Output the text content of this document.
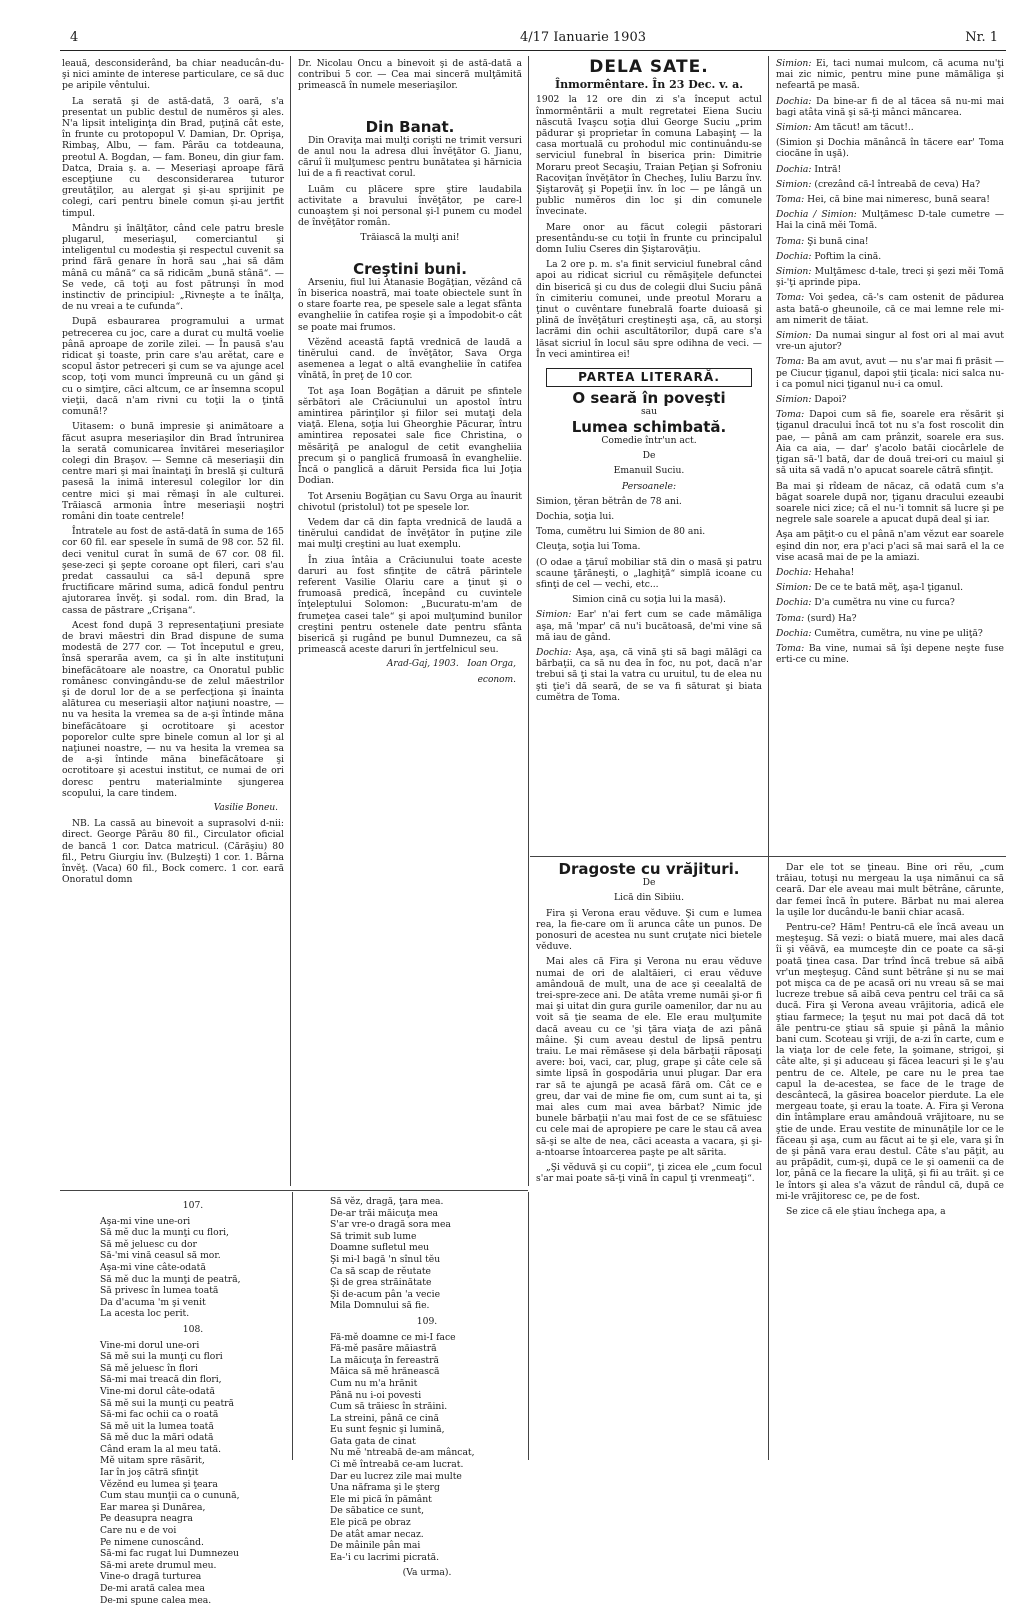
4	4/17 Ianuarie 1903	Nr. 1

leauă, desconsiderând, ba chiar neaducân-du-şi nici aminte de interese particulare, ce să duc pe aripile vêntului.

La serată şi de astă-dată, 3 oară, s'a presentat un public destul de numĕros şi ales. N'a lipsit inteliginţa din Brad, puţină cât este, în frunte cu protopopul V. Damian, Dr. Oprişa, Rimbaş, Albu, — fam. Pârău ca totdeauna, preotul A. Bogdan, — fam. Boneu, din giur fam. Datca, Draia ş. a. — Meseriaşi aproape fără escepţiune cu desconsiderarea tuturor greutăţilor, au alergat şi şi-au sprijinit pe colegi, cari pentru binele comun şi-au jertfit timpul.

Mândru şi înălţător, când cele patru bresle plugarul, meseriaşul, comerciantul şi inteligentul cu modestia şi respectul cuvenit sa prind fără genare în horă sau „hai să dăm mână cu mână“ ca să ridicăm „bună stână“. — Se vede, că toţi au fost pătrunşi în mod instinctiv de principiul: „Rivneşte a te înălţa, de nu vreai a te cufunda“.

După esbaurarea programului a urmat petrecerea cu joc, care a durat cu multă voelie până aproape de zorile zilei. — În pausă s'au ridicat şi toaste, prin care s'au arĕtat, care e scopul ăstor petreceri şi cum se va ajunge acel scop, toţi vom munci împreună cu un gând şi cu o simţire, căci altcum, ce ar însemna scopul vieţii, dacă n'am rivni cu toţii la o ţintă comună!?

Uitasem: o bună impresie şi animătoare a făcut asupra meseriaşilor din Brad întrunirea la serată comunicarea învitărei meseriaşilor colegi din Braşov. — Semne că meseriaşii din centre mari şi mai înaintaţi în breslă şi cultură pasesă la inimă interesul colegilor lor din centre mici şi mai rĕmaşi în ale culturei. Trăiască armonia între meseriaşii noştri români din toate centrele!

Întratele au fost de astă-dată în suma de 165 cor 60 fil. ear spesele în sumă de 98 cor. 52 fil. deci venitul curat în sumă de 67 cor. 08 fil. şese-zeci şi şepte coroane opt fileri, cari s'au predat cassaului ca să-l depună spre fructificare mărind suma, adică fondul pentru ajutorarea învĕţ. şi sodal. rom. din Brad, la cassa de păstrare „Crişana“.

Acest fond după 3 representaţiuni presiate de bravi măestri din Brad dispune de suma modestă de 277 cor. — Tot începutul e greu, însă sperarăa avem, ca şi în alte instituţuni binefăcătoare ale noastre, ca Onoratul public românesc convingându-se de zelul măestrilor şi de dorul lor de a se perfecţiona şi înainta alăturea cu meseriaşii altor naţiuni noastre, — nu va hesita la vremea sa de a-şi întinde măna binefăcătoare şi ocrotitoare şi acestor poporelor culte spre binele comun al lor şi al naţiunei noastre, — nu va hesita la vremea sa de a-şi întinde măna binefăcătoare şi ocrotitoare şi acestui institut, ce numai de ori doresc pentru materialminte sjungerea scopului, la care tindem.

Vasilie Boneu.

NB. La cassă au binevoit a suprasolvi d-nii: direct. George Pârău 80 fil., Circulator oficial de bancă 1 cor. Datca matricul. (Cărăşiu) 80 fil., Petru Giurgiu înv. (Bulzeşti) 1 cor. 1. Bârna învĕţ. (Vaca) 60 fil., Bock comerc. 1 cor. eară Onoratul domn

Dr. Nicolau Oncu a binevoit şi de astă-dată a contribui 5 cor. — Cea mai sinceră mulţămită primească în numele meseriaşilor.

Din Banat.

Din Oraviţa mai mulţi corişti ne trimit versuri de anul nou la adresa dlui învĕţător G. Jianu, căruî îi mulţumesc pentru bunătatea şi hărnicia lui de a fi reactivat corul.

Luăm cu plăcere spre ştire laudabila activitate a bravului învĕţător, pe care-l cunoaştem şi noi personal şi-l punem cu model de învĕţător român.

Trăiască la mulţi ani!

Creştini buni.

Arseniu, fiul lui Atanasie Bogăţian, vĕzând că în biserica noastră, mai toate obiectele sunt în o stare foarte rea, pe spesele sale a legat sfânta evangheliie în catifea roşie şi a împodobit-o cât se poate mai frumos.

Vĕzĕnd această faptă vrednică de laudă a tinĕrului cand. de învĕţător, Sava Orga asemenea a legat o altă evangheliie în catifea vînătă, în preţ de 10 cor.

Tot aşa Ioan Bogăţian a dăruit pe sfintele sĕrbători ale Crăciunului un apostol întru amintirea părinţilor şi fiilor sei mutaţi dela viaţă. Elena, soţia lui Gheorghie Păcurar, întru amintirea reposatei sale fice Christina, o mĕsăriţă pe analogul de cetit evangheliia precum şi o panglică frumoasă în evangheliie. Încă o panglică a dăruit Persida fica lui Joţia Dodian.

Tot Arseniu Bogăţian cu Savu Orga au înaurit chivotul (pristolul) tot pe spesele lor.

Vedem dar că din fapta vrednică de laudă a tinĕrului candidat de învĕţător în puţine zile mai mulţi creştini au luat exemplu.

În ziua întâia a Crăciunului toate aceste daruri au fost sfinţite de cătră părintele referent Vasilie Olariu care a ţinut şi o frumoasă predică, începând cu cuvintele înţeleptului Solomon: „Bucuratu-m'am de frumeţea casei tale“ şi apoi mulţumind bunilor creştini pentru ostenele date pentru sfânta biserică şi rugând pe bunul Dumnezeu, ca să primească aceste daruri în jertfelnicul seu.

Arad-Gaj, 1903. Ioan Orga,
econom.
DELA SATE.

Înmormêntare. În 23 Dec. v. a.

1902 la 12 ore din zi s'a început actul înmormêntării a mult regretatei Eiena Suciu născută Ivaşcu soţia dlui George Suciu „prim pădurar şi proprietar în comuna Labaşinţ — la casa mortuală cu prohodul mic continuându-se serviciul funebral în biserica prin: Dimitrie Moraru preot Secaşiu, Traian Peţian şi Sofroniu Racoviţan învĕţător în Checheş, Iuliu Barzu înv. Şiştarovăţ şi Popeţii înv. în loc — pe lângă un public numĕros din loc şi din comunele învecinate.

Mare onor au făcut colegii păstorari presentându-se cu toţii în frunte cu principalul domn Iuliu Cseres din Şiştarovăţiu.

La 2 ore p. m. s'a finit serviciul funebral când apoi au ridicat sicriul cu rĕmăşiţele defunctei din biserică şi cu dus de colegii dlui Suciu până în cimiteriu comunei, unde preotul Moraru a ţinut o cuvêntare funebrală foarte duioasă şi plină de învĕţături creştineşti aşa, că, au storşi lacrămi din ochii ascultătorilor, după care s'a lăsat sicriul în locul său spre odihna de veci. — În veci amintirea ei!

PARTEA LITERARĂ.
O seară în poveşti

sau

Lumea schimbată.

Comedie într'un act.

De

Emanuil Suciu.

Persoanele:

Simion, ţĕran bĕtrân de 78 ani.

Dochia, soţia lui.

Toma, cumĕtru lui Simion de 80 ani.

Cleuţa, soţia lui Toma.

(O odae a ţăruî mobiliar stă din o masă şi patru scaune ţărăneşti, o „laghiţă“ simplă icoane cu sfinţi de cel — vechi, etc...

Simion cină cu soţia lui la masă).

Simion: Ear' n'ai fert cum se cade mămăliga aşa, mă 'mpar' că nu'i bucătoasă, de'mi vine să mă iau de gând.

Dochia: Aşa, aşa, că vină şti să bagi mălăgi ca bărbaţii, ca să nu dea în foc, nu pot, dacă n'ar trebui să ţi stai la vatra cu uruitul, tu de elea nu şti ţie'i dă seară, de se va fi săturat şi biata cumĕtra de Toma.

Simion: Ei, taci numai mulcom, că acuma nu'ţi mai zic nimic, pentru mine pune mămăliga şi nefeartă pe masă.

Dochia: Da bine-ar fi de al tăcea să nu-mi mai bagi atâta vină şi să-ţi mânci măncarea.

Simion: Am tăcut! am tăcut!..

(Simion şi Dochia mănâncă în tăcere ear' Toma ciocăne în uşă).

Dochia: Intră!

Simion: (crezând că-l întreabă de ceva) Ha?

Toma: Hei, că bine mai nimeresc, bună seara!

Dochia / Simion: Mulţămesc D-tale cumetre — Hai la cină mĕi Tomă.

Toma: Şi bună cina!

Dochia: Poftim la cină.

Simion: Mulţămesc d-tale, treci şi şezi mĕi Tomă şi-'ţi aprinde pipa.

Toma: Voi şedea, că-'s cam ostenit de pădurea asta bată-o gheunoile, că ce mai lemne rele mi-am nimerit de tăiat.

Simion: Da numai singur al fost ori al mai avut vre-un ajutor?

Toma: Ba am avut, avut — nu s'ar mai fi prăsit — pe Ciucur ţiganul, dapoi ştii ţicala: nici salca nu-i ca pomul nici ţiganul nu-i ca omul.

Simion: Dapoi?

Toma: Dapoi cum să fie, soarele era rĕsărit şi ţiganul dracului încă tot nu s'a fost roscolit din pae, — până am cam prânzit, soarele era sus. Aia ca aia, — dar' ş'acolo batăi ciocârlele de ţigan să-'l bată, dar de două trei-ori cu maiul şi să uita să vadă n'o apucat soarele cătră sfinţit.

Ba mai şi rîdeam de năcaz, că odată cum s'a băgat soarele după nor, ţiganu dracului ezeaubi soarele nici zice; că el nu-'i tomnit să lucre şi pe negrele sale soarele a apucat după deal şi iar.

Aşa am păţit-o cu el până n'am vĕzut ear soarele eşind din nor, era p'aci p'aci să mai sară el la ce vise acasă mai de pe la amiazi.

Dochia: Hehaha!

Simion: De ce te bată mĕţ, aşa-l ţiganul.

Dochia: D'a cumĕtra nu vine cu furca?

Toma: (surd) Ha?

Dochia: Cumĕtra, cumĕtra, nu vine pe uliţă?

Toma: Ba vine, numai să îşi depene neşte fuse erti-ce cu mine.

107.
Aşa-mi vine une-ori
Să mĕ duc la munţi cu flori,
Să mĕ jeluesc cu dor
Să-'mi vină ceasul să mor.
Aşa-mi vine câte-odată
Să mĕ duc la munţi de peatră,
Să privesc în lumea toată
Da d'acuma 'm şi venit
La acesta loc perit.
108.
Vine-mi dorul une-ori
Să mĕ sui la munţi cu flori
Să mĕ jeluesc în flori
Să-mi mai treacă din flori,
Vine-mi dorul câte-odată
Să mĕ sui la munţi cu peatră
Să-mi fac ochii ca o roată
Să mĕ uit la lumea toată
Să mĕ duc la mări odată
Când eram la al meu tată.
Mĕ uitam spre răsărit,
Iar în joş cătră sfinţit
Vĕzĕnd eu lumea şi ţeara
Cum stau munţii ca o cunună,
Ear marea şi Dunărea,
Pe deasupra neagra
Care nu e de voi
Pe nimene cunoscând.
Să-mi fac rugat lui Dumnezeu
Să-mi arete drumul meu.
Vine-o dragă turturea
De-mi arată calea mea
De-mi spune calea mea.
Să vĕz, dragă, ţara mea.
De-ar trăi măicuţa mea
S'ar vre-o dragă sora mea
Să trimit sub lume
Doamne sufletul meu
Şi mi-l bagă 'n sînul tĕu
Ca să scap de rĕutate
Şi de grea străinătate
Şi de-acum pân 'a vecie
Mila Domnului să fie.
109.
Fă-mĕ doamne ce mi-I face
Fă-mĕ pasăre măiastră
La măicuţa în fereastră
Măica să mĕ hrănească
Cum nu m'a hrănit
Până nu i-oi povesti
Cum să trăiesc în străini.
La streini, până ce cină
Eu sunt feşnic şi lumină,
Gata gata de cinat
Nu mĕ 'ntreabă de-am mâncat,
Ci mĕ întreabă ce-am lucrat.
Dar eu lucrez zile mai multe
Una năframa şi le şterg
Ele mi pică în pământ
De săbatice ce sunt,
Ele pică pe obraz
De atât amar necaz.
De mâinile pân mai
Ea-'i cu lacrimi picrată.
(Va urma).
Dragoste cu vrăjituri.

De

Lică din Sibiiu.

Fira şi Verona erau vĕduve. Şi cum e lumea rea, la fie-care om îi arunca câte un punos. De ponosuri de acestea nu sunt cruţate nici bietele vĕduve.

Mai ales că Fira şi Verona nu erau vĕduve numai de ori de alaltăieri, ci erau vĕduve amândouă de mult, una de ace şi ceealaltă de trei-spre-zece ani. De atâta vreme număi şi-or fi mai şi uitat din gura gurile oamenilor, dar nu au voit să ţie seama de ele. Ele erau mulţumite dacă aveau cu ce 'şi ţăra viaţa de azi până mâine. Şi cum aveau destul de lipsă pentru traiu. Le mai rĕmăsese şi dela bărbaţii răposaţi avere: boi, vaci, car, plug, grape şi câte cele să simte lipsă în gospodăria unui plugar. Dar era rar să te ajungă pe acasă fără om. Cât ce e greu, dar vai de mine fie om, cum sunt ai ta, şi mai ales cum mai avea bărbat? Nimic jde bunele bărbaţii n'au mai fost de ce se sfătuiesc cu cele mai de apropiere pe care le stau că avea să-şi se alte de nea, căci aceasta a vacara, şi şi-a-ntoarse întoarcerea paşte pe alt sărita.

„Şi vĕduvă şi cu copii“, ţi zicea ele „cum focul s'ar mai poate să-ţi vină în capul ţi vrenmeaţi“.

Dar ele tot se ţineau. Bine ori rĕu, „cum trăiau, totuşi nu mergeau la uşa nimănui ca să ceară. Dar ele aveau mai mult bĕtrâne, cărunte, dar femei încă în putere. Bărbat nu mai alerea la uşile lor ducându-le banii chiar acasă.

Pentru-ce? Hăm! Pentru-că ele încă aveau un meşteşug. Să vezi: o biată muere, mai ales dacă îi şi vĕăvă, ea mumceşte din ce poate ca să-şi poată ţinea casa. Dar trînd încă trebue să aibă vr'un meşteşug. Când sunt bĕtrâne şi nu se mai pot mişca ca de pe acasă ori nu vreau să se mai lucreze trebue să aibă ceva pentru cel trăi ca să ducă. Fira şi Verona aveau vrăjitoria, adică ele ştiau farmece; la ţeşut nu mai pot dacă dă tot ăle pentru-ce ştiau să spuie şi până la mânio bani cum. Scoteau şi vriji, de a-zi în carte, cum e la viaţa lor de cele fete, la şoimane, strigoi, şi câte alte, şi şi aduceau şi făcea leacuri şi le ş'au pentru de ce. Altele, pe care nu le prea tae capul la de-acestea, se face de le trage de descântecă, la găsirea boacelor pierdute. La ele mergeau toate, şi erau la toate. A. Fira şi Verona din întâmplare erau amândouă vrăjitoare, nu se ştie de unde. Erau vestite de minunăţile lor ce le făceau şi aşa, cum au făcut ai te şi ele, vara şi în de şi până vara erau destul. Câte s'au păţit, au au prăpădit, cum-şi, după ce le şi oamenii ca de lor, până ce la fiecare la uliţă, şi fii au trăit. şi ce le întors şi alea s'a văzut de rândul că, după ce mi-le vrăjitoresc ce, pe de fost.

Se zice că ele ştiau închega apa, a
